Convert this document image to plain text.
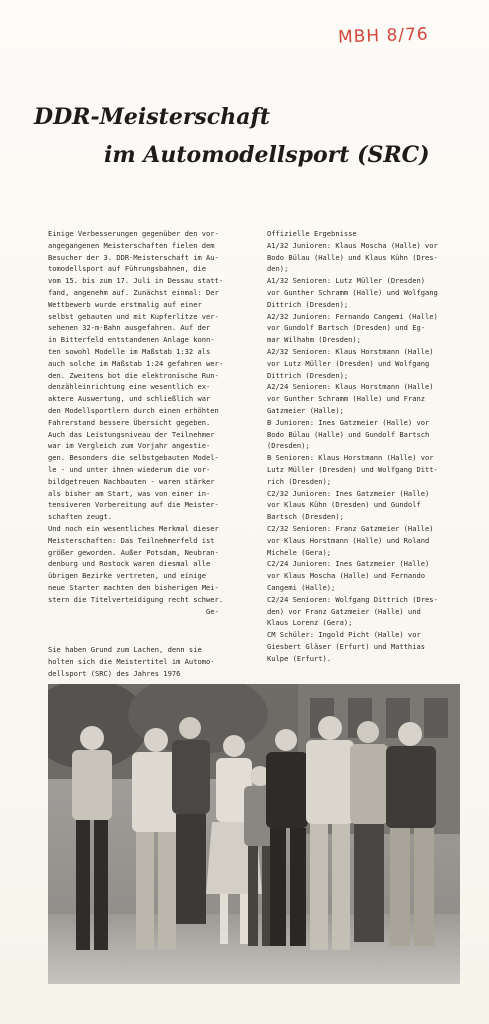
MBH 8/76
DDR-Meisterschaft
im Automodellsport (SRC)
Einige Verbesserungen gegenüber den vor-
angegangenen Meisterschaften fielen dem
Besucher der 3. DDR-Meisterschaft im Au-
tomodellsport auf Führungsbahnen, die
vom 15. bis zum 17. Juli in Dessau statt-
fand, angenehm auf. Zunächst einmal: Der
Wettbewerb wurde erstmalig auf einer
selbst gebauten und mit Kupferlitze ver-
sehenen 32-m-Bahn ausgefahren. Auf der
in Bitterfeld entstandenen Anlage konn-
ten sowohl Modelle im Maßstab 1:32 als
auch solche im Maßstab 1:24 gefahren wer-
den. Zweitens bot die elektronische Run-
denzähleinrichtung eine wesentlich ex-
aktere Auswertung, und schließlich war
den Modellsportlern durch einen erhöhten
Fahrerstand bessere Übersicht gegeben.
Auch das Leistungsniveau der Teilnehmer
war im Vergleich zum Vorjahr angestie-
gen. Besonders die selbstgebauten Model-
le - und unter ihnen wiederum die vor-
bildgetreuen Nachbauten - waren stärker
als bisher am Start, was von einer in-
tensiveren Vorbereitung auf die Meister-
schaften zeugt.
Und noch ein wesentliches Merkmal dieser
Meisterschaften: Das Teilnehmerfeld ist
größer geworden. Außer Potsdam, Neubran-
denburg und Rostock waren diesmal alle
übrigen Bezirke vertreten, und einige
neue Starter machten den bisherigen Mei-
stern die Titelverteidigung recht schwer.
Ge-
Offizielle Ergebnisse
A1/32 Junioren: Klaus Moscha (Halle) vor
Bodo Bülau (Halle) und Klaus Kühn (Dres-
den);
A1/32 Senioren: Lutz Müller (Dresden)
vor Gunther Schramm (Halle) und Wolfgang
Dittrich (Dresden);
A2/32 Junioren: Fernando Cangemi (Halle)
vor Gundolf Bartsch (Dresden) und Eg-
mar Wilhahm (Dresden);
A2/32 Senioren: Klaus Horstmann (Halle)
vor Lutz Müller (Dresden) und Wolfgang
Dittrich (Dresden);
A2/24 Senioren: Klaus Horstmann (Halle)
vor Gunther Schramm (Halle) und Franz
Gatzmeier (Halle);
B Junioren: Ines Gatzmeier (Halle) vor
Bodo Bülau (Halle) und Gundolf Bartsch
(Dresden);
B Senioren: Klaus Horstmann (Halle) vor
Lutz Müller (Dresden) und Wolfgang Ditt-
rich (Dresden);
C2/32 Junioren: Ines Gatzmeier (Halle)
vor Klaus Kühn (Dresden) und Gundolf
Bartsch (Dresden);
C2/32 Senioren: Franz Gatzmeier (Halle)
vor Klaus Horstmann (Halle) und Roland
Michele (Gera);
C2/24 Junioren: Ines Gatzmeier (Halle)
vor Klaus Moscha (Halle) und Fernando
Cangemi (Halle);
C2/24 Senioren: Wolfgang Dittrich (Dres-
den) vor Franz Gatzmeier (Halle) und
Klaus Lorenz (Gera);
CM Schüler: Ingold Picht (Halle) vor
Giesbert Gläser (Erfurt) und Matthias
Kulpe (Erfurt).
Sie haben Grund zum Lachen, denn sie
holten sich die Meistertitel im Automo-
dellsport (SRC) des Jahres 1976
